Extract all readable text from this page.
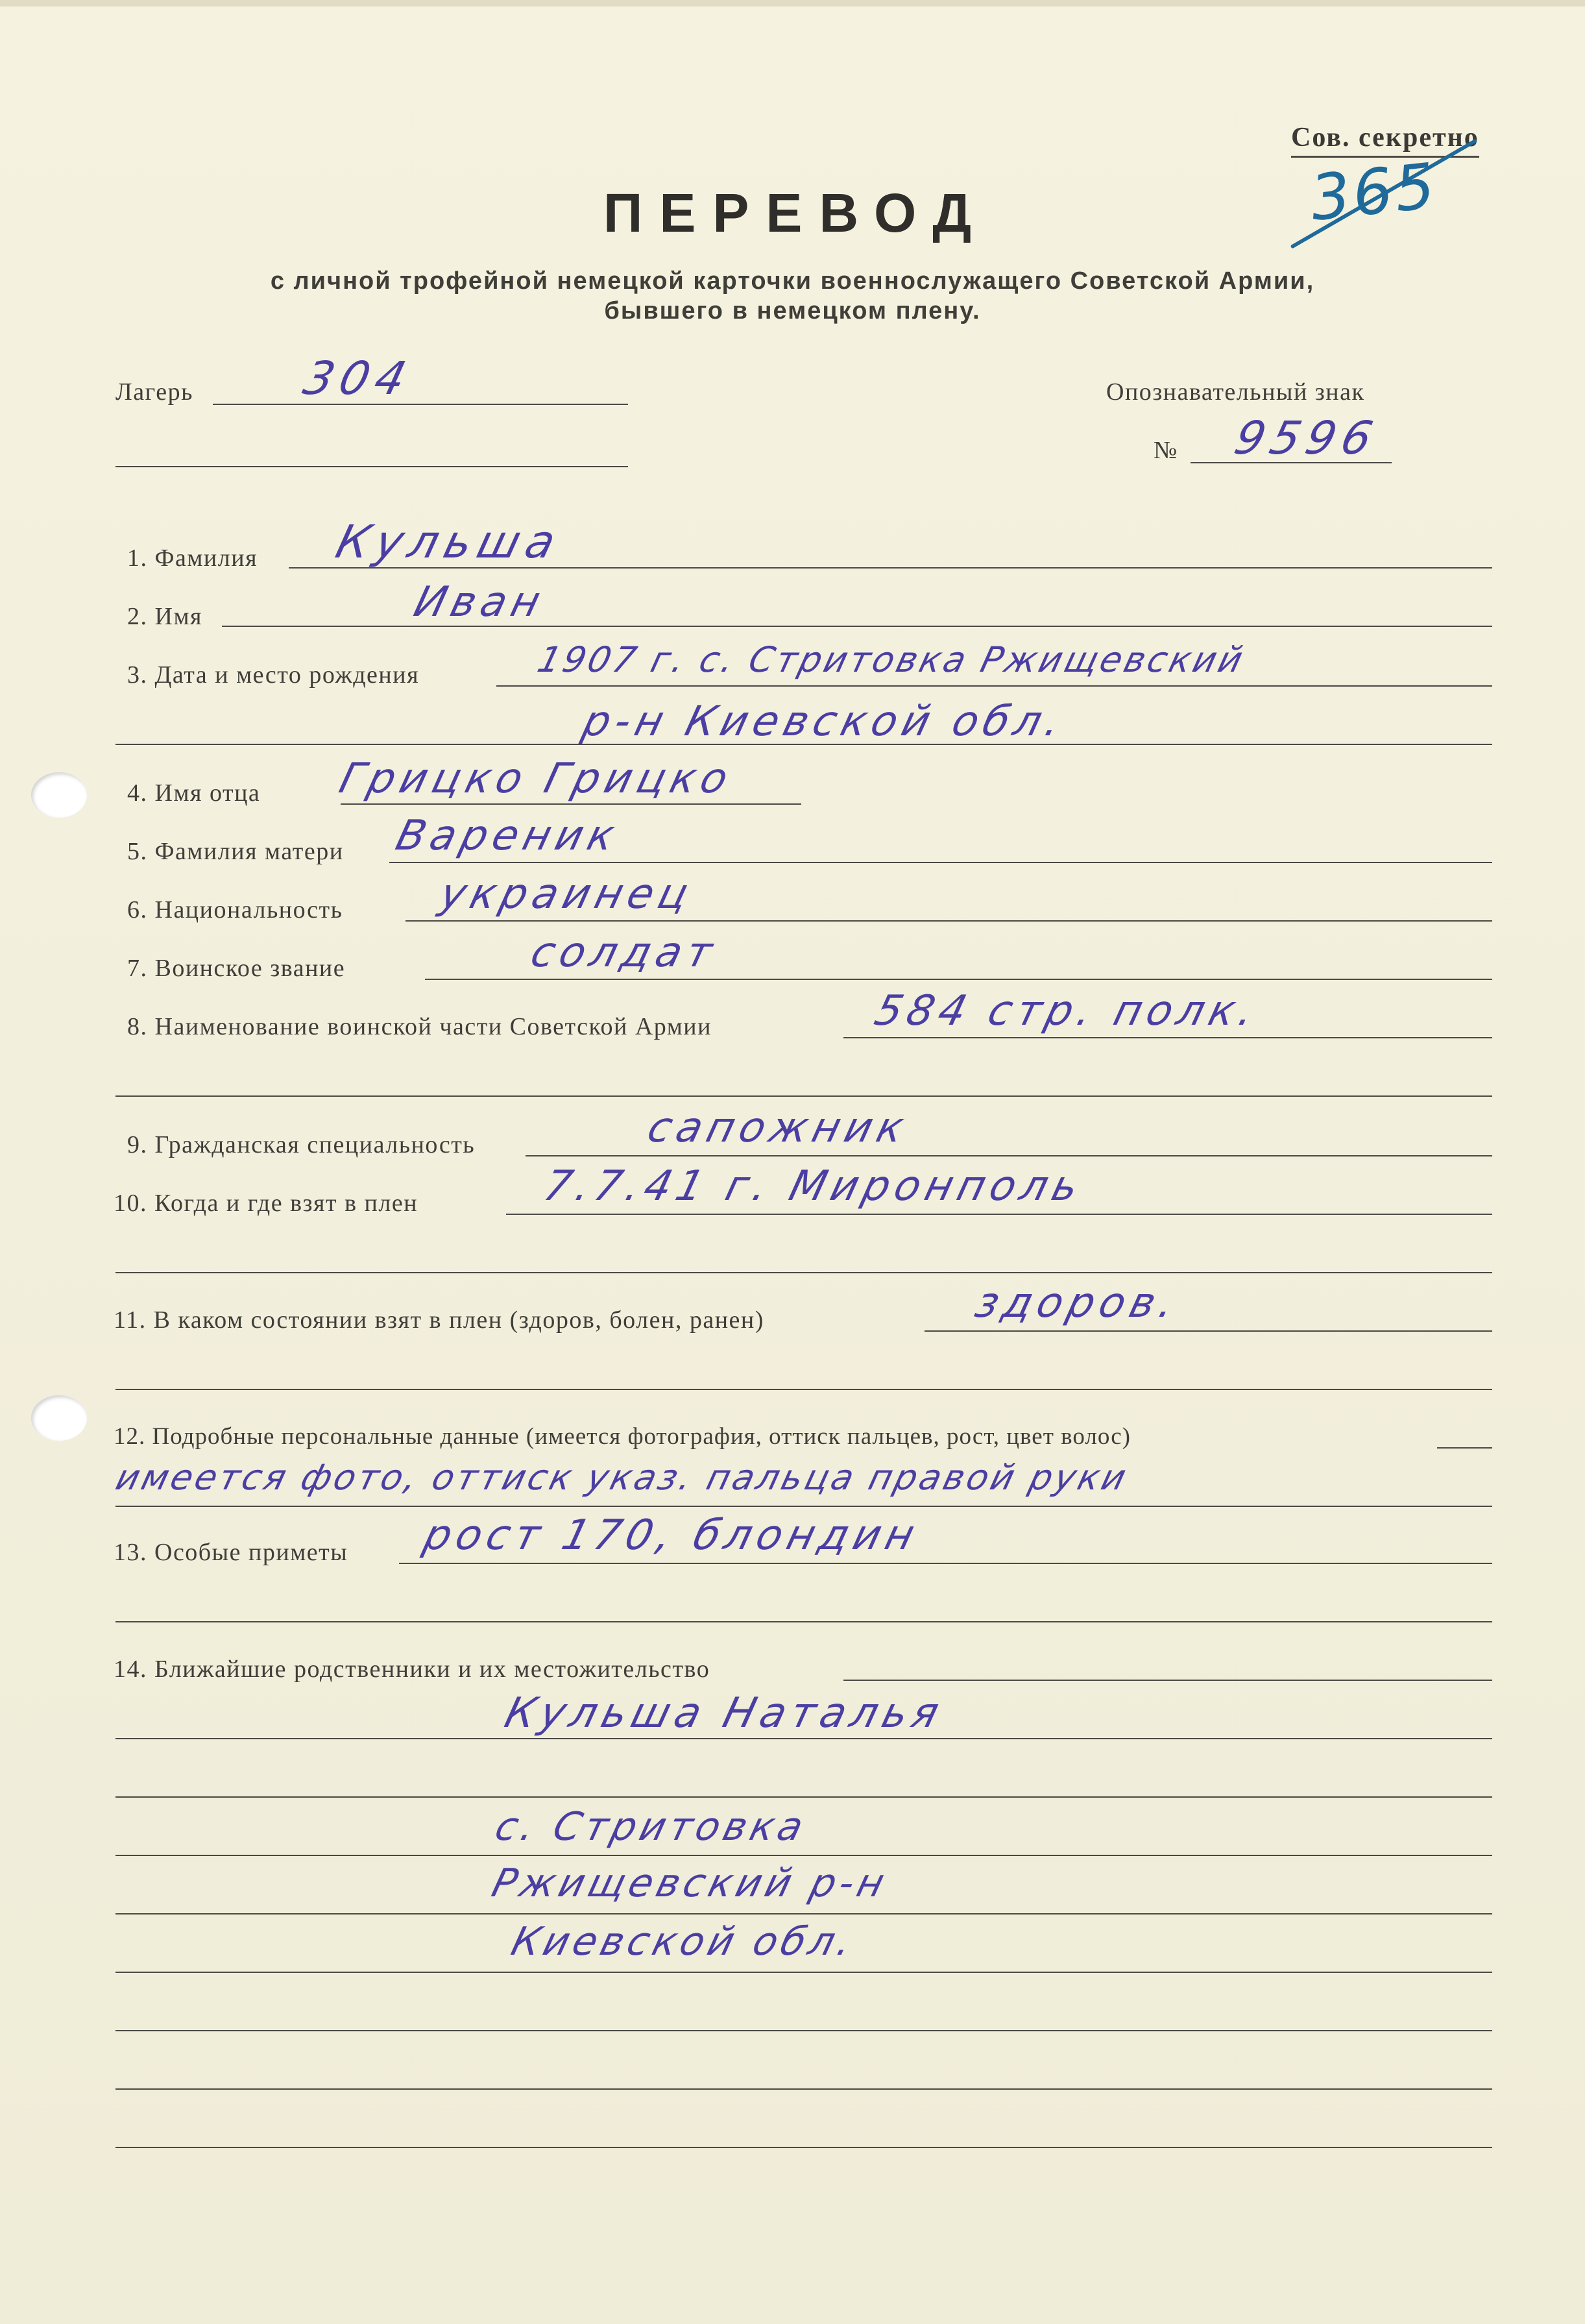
Сов. секретно
365
ПЕРЕВОД
с личной трофейной немецкой карточки военнослужащего Советской Армии,
бывшего в немецком плену.
Лагерь 304	Опознавательный знак
№ 9596
1. Фамилия Кульша
2. Имя	Иван
3. Дата и место рождения	1907 г. с. Стритовка Ржищевский
р-н Киевской обл.
4. Имя отца Грицко Грицко
5. Фамилия матери Вареник
6. Национальность украинец
7. Воинское звание	солдат
8. Наименование воинской части Советской Армии	584 стр. полк.
9. Гражданская специальность	сапожник
10. Когда и где взят в плен	7.7.41 г. Миронполь
11. В каком состоянии взят в плен (здоров, болен, ранен)	здоров.
12. Подробные персональные данные (имеется фотография, оттиск пальцев, рост, цвет волос)
имеется фото, оттиск указ. пальца правой руки
13. Особые приметы рост 170, блондин
14. Ближайшие родственники и их местожительство
Кульша Наталья
с. Стритовка
Ржищевский р-н
Киевской обл.
